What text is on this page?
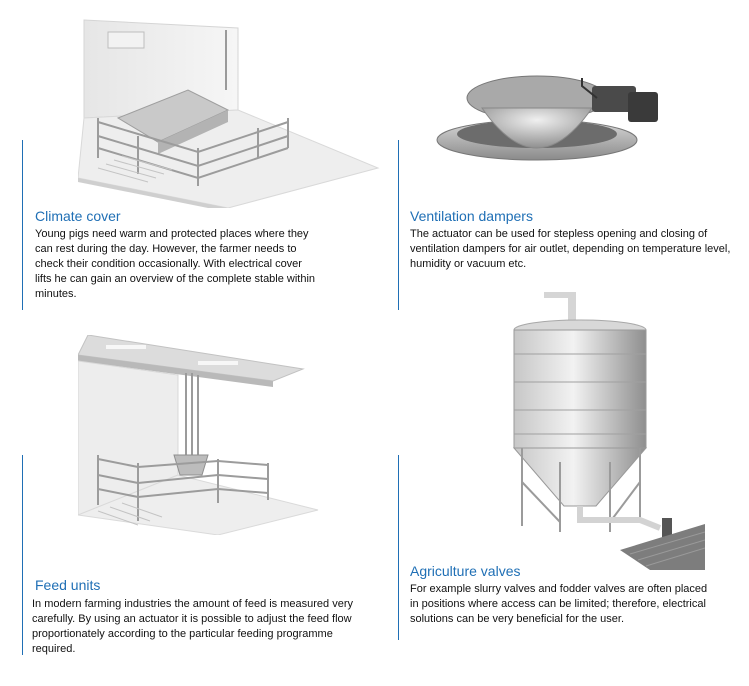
Climate cover
Young pigs need warm and protected places where they can rest during the day. However, the farmer needs to check their condition occasionally. With electrical cover lifts he can gain an overview of the complete stable within minutes.
Ventilation dampers
The actuator can be used for stepless opening and closing of ventilation dampers for air outlet, depending on temperature level, humidity or vacuum etc.
Feed units
In modern farming industries the amount of feed is measured very carefully. By using an actuator it is possible to adjust the feed flow proportionately according to the particular feeding programme required.
Agriculture valves
For example slurry valves and fodder valves are often placed in positions where access can be limited; therefore, electrical solutions can be very beneficial for the user.
